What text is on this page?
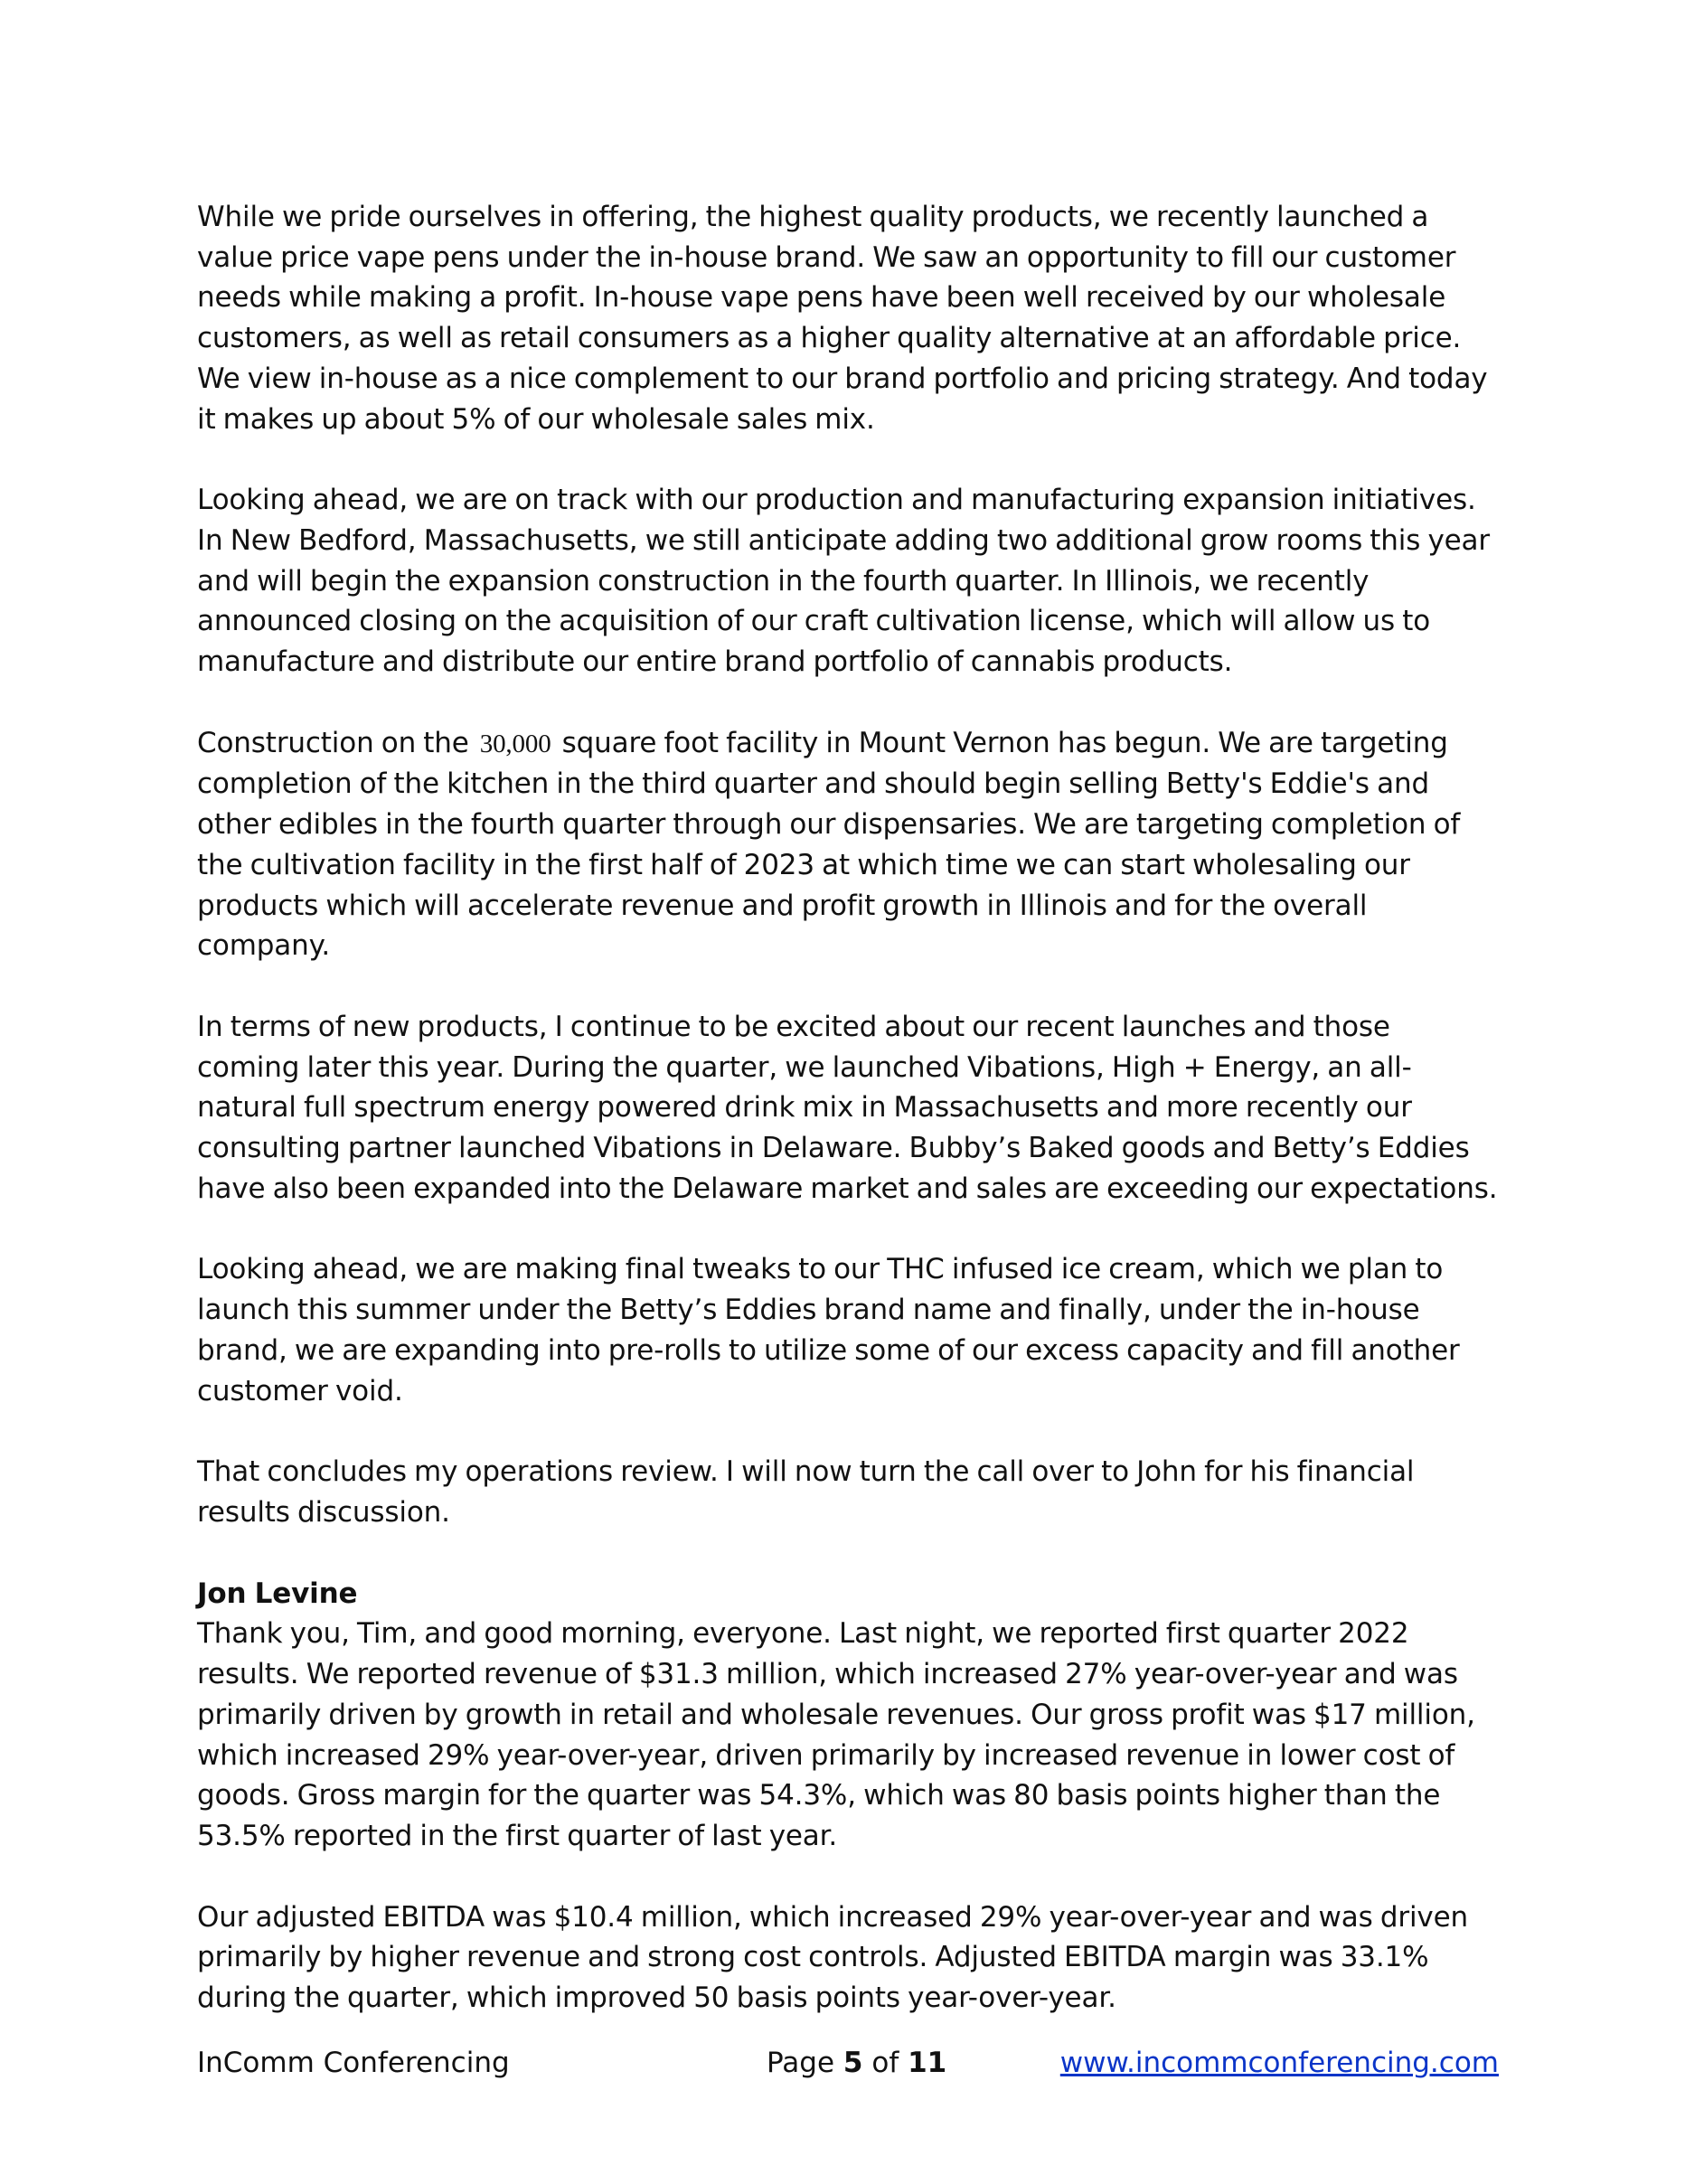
While we pride ourselves in offering, the highest quality products, we recently launched a value price vape pens under the in-house brand. We saw an opportunity to fill our customer needs while making a profit. In-house vape pens have been well received by our wholesale customers, as well as retail consumers as a higher quality alternative at an affordable price. We view in-house as a nice complement to our brand portfolio and pricing strategy. And today it makes up about 5% of our wholesale sales mix.

Looking ahead, we are on track with our production and manufacturing expansion initiatives. In New Bedford, Massachusetts, we still anticipate adding two additional grow rooms this year and will begin the expansion construction in the fourth quarter. In Illinois, we recently announced closing on the acquisition of our craft cultivation license, which will allow us to manufacture and distribute our entire brand portfolio of cannabis products.

Construction on the 30,000 square foot facility in Mount Vernon has begun. We are targeting completion of the kitchen in the third quarter and should begin selling Betty's Eddie's and other edibles in the fourth quarter through our dispensaries. We are targeting completion of the cultivation facility in the first half of 2023 at which time we can start wholesaling our products which will accelerate revenue and profit growth in Illinois and for the overall company.

In terms of new products, I continue to be excited about our recent launches and those coming later this year. During the quarter, we launched Vibations, High + Energy, an all-natural full spectrum energy powered drink mix in Massachusetts and more recently our consulting partner launched Vibations in Delaware. Bubby’s Baked goods and Betty’s Eddies have also been expanded into the Delaware market and sales are exceeding our expectations.

Looking ahead, we are making final tweaks to our THC infused ice cream, which we plan to launch this summer under the Betty’s Eddies brand name and finally, under the in-house brand, we are expanding into pre-rolls to utilize some of our excess capacity and fill another customer void.

That concludes my operations review. I will now turn the call over to John for his financial results discussion.

Jon Levine
Thank you, Tim, and good morning, everyone. Last night, we reported first quarter 2022 results. We reported revenue of $31.3 million, which increased 27% year-over-year and was primarily driven by growth in retail and wholesale revenues. Our gross profit was $17 million, which increased 29% year-over-year, driven primarily by increased revenue in lower cost of goods. Gross margin for the quarter was 54.3%, which was 80 basis points higher than the 53.5% reported in the first quarter of last year.

Our adjusted EBITDA was $10.4 million, which increased 29% year-over-year and was driven primarily by higher revenue and strong cost controls. Adjusted EBITDA margin was 33.1% during the quarter, which improved 50 basis points year-over-year.

InComm Conferencing	Page 5 of 11	www.incommconferencing.com
